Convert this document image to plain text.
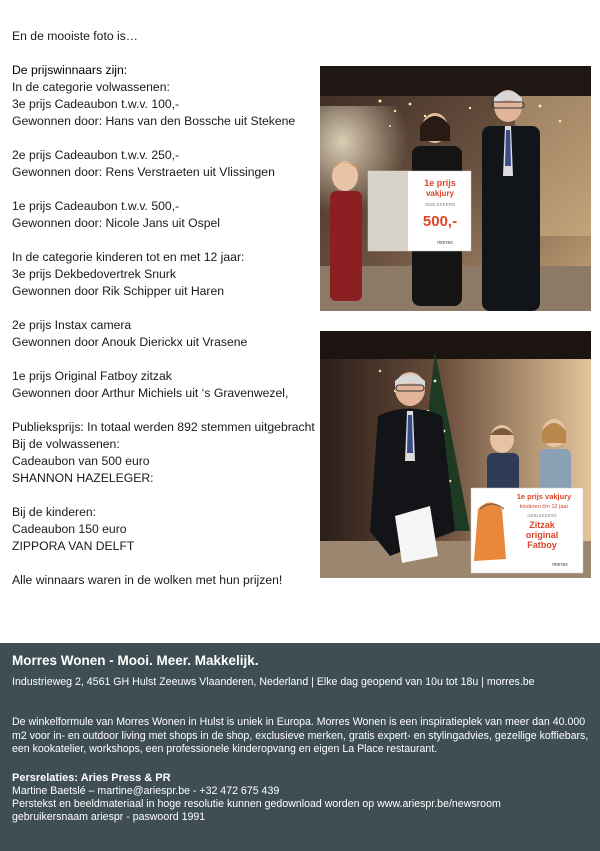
En de mooiste foto is…

De prijswinnaars zijn:

In de categorie volwassenen:

3e prijs Cadeaubon t.w.v. 100,-

Gewonnen door: Hans van den Bossche uit Stekene

2e prijs Cadeaubon t.w.v. 250,-

Gewonnen door: Rens Verstraeten uit Vlissingen

1e prijs Cadeaubon t.w.v. 500,-

Gewonnen door: Nicole Jans uit Ospel

In de categorie kinderen tot en met 12 jaar:

3e prijs Dekbedovertrek Snurk

Gewonnen door Rik Schipper uit Haren

2e prijs Instax camera

Gewonnen door Anouk Dierickx uit Vrasene

1e prijs Original Fatboy zitzak

Gewonnen door Arthur Michiels uit ‘s Gravenwezel,

Publieksprijs: In totaal werden 892 stemmen uitgebracht

Bij de volwassenen:

Cadeaubon van 500 euro

SHANNON HAZELEGER:

Bij de kinderen:

Cadeaubon 150 euro

ZIPPORA VAN DELFT

Alle winnaars waren in de wolken met hun prijzen!

1e prijs
vakjury
GEBLEKEERD
500,-
morres
1e prijs vakjury
kinderen t/m 12 jaar
GEBLEKEERD
Zitzak
original
Fatboy
morres

Morres Wonen - Mooi. Meer. Makkelijk.

Industrieweg 2, 4561 GH Hulst Zeeuws Vlaanderen, Nederland | Elke dag geopend van 10u tot 18u | morres.be

De winkelformule van Morres Wonen in Hulst is uniek in Europa. Morres Wonen is een inspiratieplek van meer dan 40.000 m2 voor in- en outdoor living met shops in de shop, exclusieve merken, gratis expert- en stylingadvies, gezellige koffiebars, een kookatelier, workshops, een professionele kinderopvang en eigen La Place restaurant.

Persrelaties: Aries Press & PR

Martine Baetslé – martine@ariespr.be - +32 472 675 439

Perstekst en beeldmateriaal in hoge resolutie kunnen gedownload worden op www.ariespr.be/newsroom

gebruikersnaam ariespr - paswoord 1991
